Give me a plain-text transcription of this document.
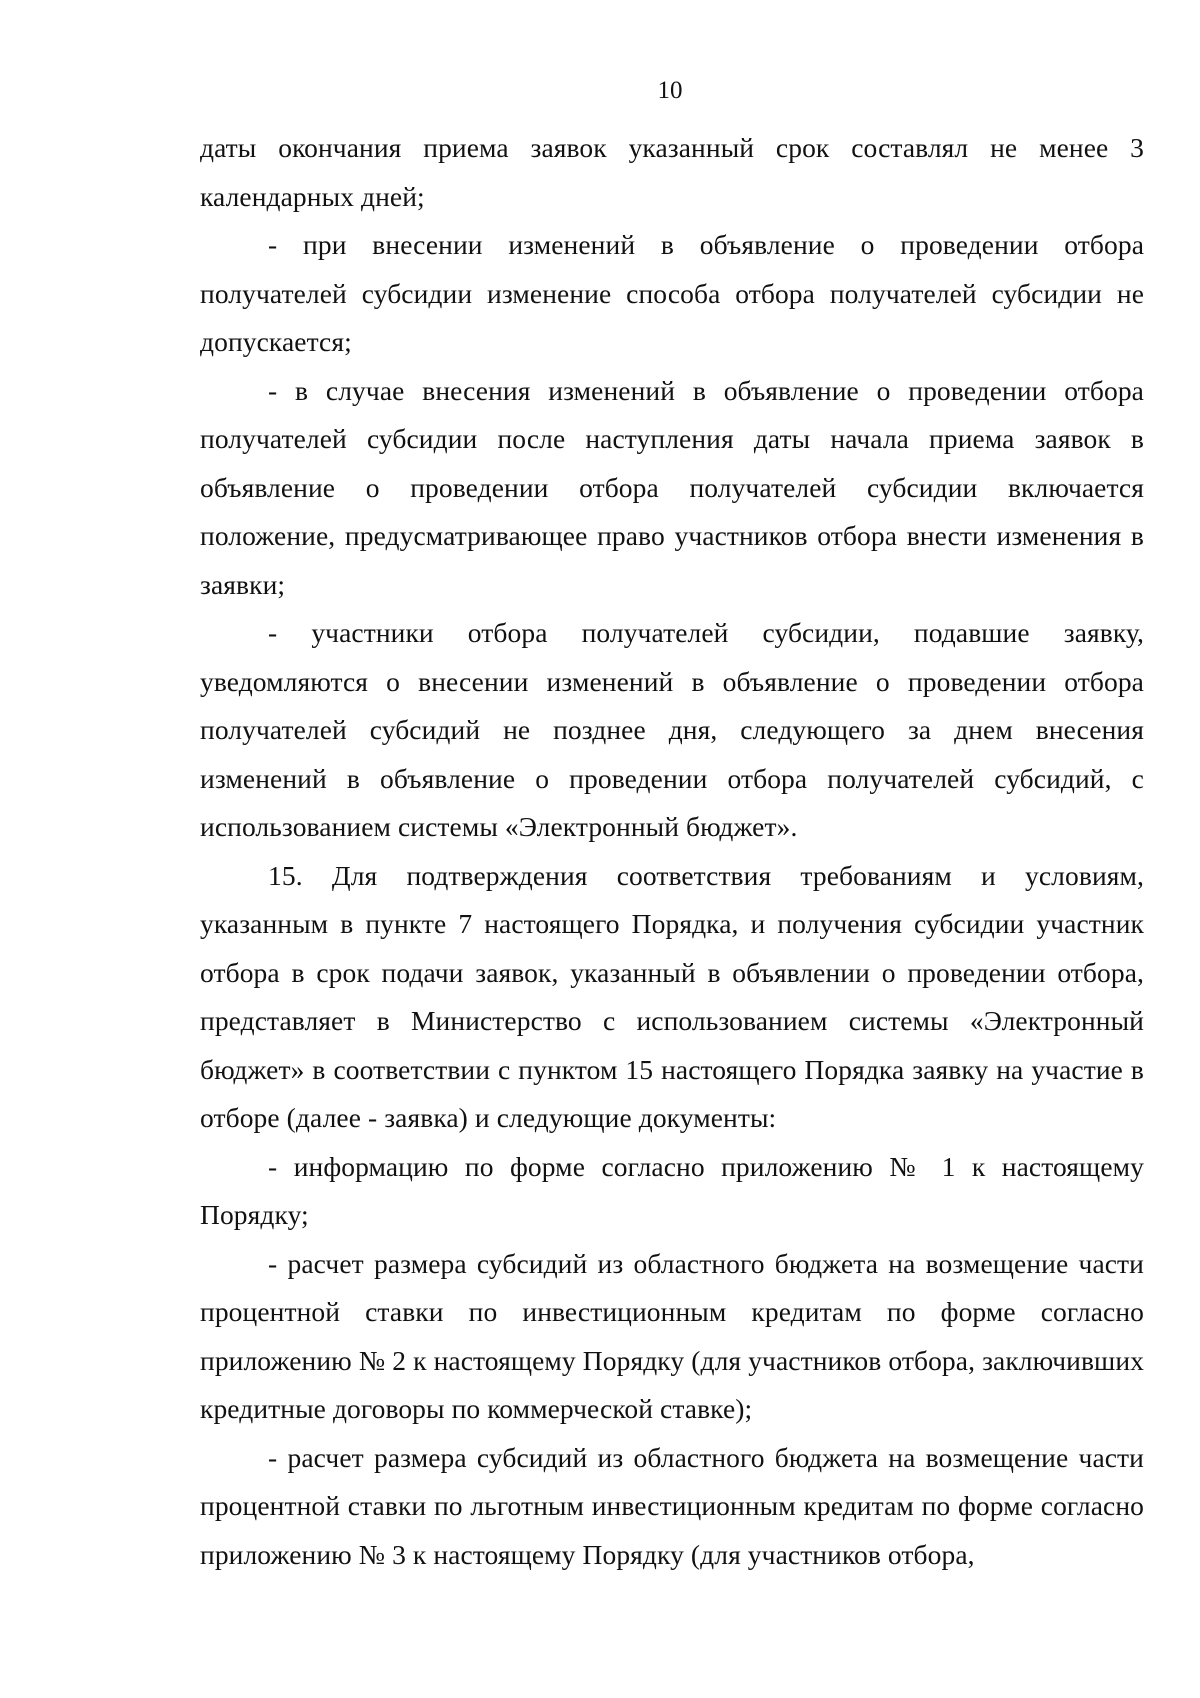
10

даты окончания приема заявок указанный срок составлял не менее 3 календарных дней;

- при внесении изменений в объявление о проведении отбора получателей субсидии изменение способа отбора получателей субсидии не допускается;

- в случае внесения изменений в объявление о проведении отбора получателей субсидии после наступления даты начала приема заявок в объявление о проведении отбора получателей субсидии включается положение, предусматривающее право участников отбора внести изменения в заявки;

- участники отбора получателей субсидии, подавшие заявку, уведомляются о внесении изменений в объявление о проведении отбора получателей субсидий не позднее дня, следующего за днем внесения изменений в объявление о проведении отбора получателей субсидий, с использованием системы «Электронный бюджет».

15. Для подтверждения соответствия требованиям и условиям, указанным в пункте 7 настоящего Порядка, и получения субсидии участник отбора в срок подачи заявок, указанный в объявлении о проведении отбора, представляет в Министерство с использованием системы «Электронный бюджет» в соответствии с пунктом 15 настоящего Порядка заявку на участие в отборе (далее - заявка) и следующие документы:

- информацию по форме согласно приложению № 1 к настоящему Порядку;

- расчет размера субсидий из областного бюджета на возмещение части процентной ставки по инвестиционным кредитам по форме согласно приложению № 2 к настоящему Порядку (для участников отбора, заключивших кредитные договоры по коммерческой ставке);

- расчет размера субсидий из областного бюджета на возмещение части процентной ставки по льготным инвестиционным кредитам по форме согласно приложению № 3 к настоящему Порядку (для участников отбора,
